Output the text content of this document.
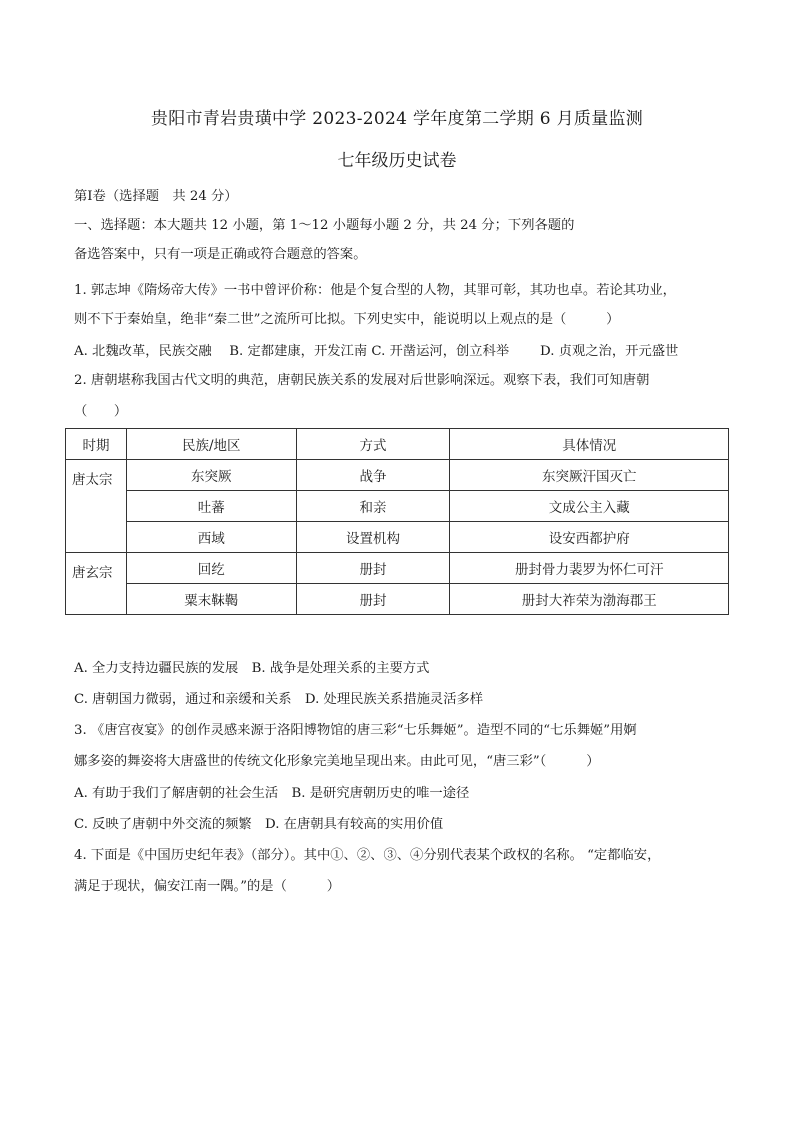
贵阳市青岩贵璜中学 2023-2024 学年度第二学期 6 月质量监测
七年级历史试卷
第Ⅰ卷（选择题　共 24 分）
一、选择题：本大题共 12 小题，第 1～12 小题每小题 2 分，共 24 分；下列各题的
备选答案中，只有一项是正确或符合题意的答案。
1. 郭志坤《隋炀帝大传》一书中曾评价称：他是个复合型的人物，其罪可彰，其功也卓。若论其功业，
则不下于秦始皇，绝非“秦二世”之流所可比拟。下列史实中，能说明以上观点的是（　　　）
A. 北魏改革，民族交融　 B. 定都建康，开发江南 C. 开凿运河，创立科举　　 D. 贞观之治，开元盛世
2. 唐朝堪称我国古代文明的典范，唐朝民族关系的发展对后世影响深远。观察下表，我们可知唐朝
（　　）
时期	民族/地区	方式	具体情况
唐太宗	东突厥	战争	东突厥汗国灭亡
	吐蕃	和亲	文成公主入藏
	西域	设置机构	设安西都护府
唐玄宗	回纥	册封	册封骨力裴罗为怀仁可汗
	粟末靺鞨	册封	册封大祚荣为渤海郡王
A. 全力支持边疆民族的发展　B. 战争是处理关系的主要方式
C. 唐朝国力微弱，通过和亲缓和关系　D. 处理民族关系措施灵活多样
3. 《唐宫夜宴》的创作灵感来源于洛阳博物馆的唐三彩“七乐舞姬”。造型不同的“七乐舞姬”用婀
娜多姿的舞姿将大唐盛世的传统文化形象完美地呈现出来。由此可见，“唐三彩”（　　　）
A. 有助于我们了解唐朝的社会生活　B. 是研究唐朝历史的唯一途径
C. 反映了唐朝中外交流的频繁　D. 在唐朝具有较高的实用价值
4. 下面是《中国历史纪年表》（部分）。其中①、②、③、④分别代表某个政权的名称。 “定都临安，
满足于现状，偏安江南一隅。”的是（　　　）
